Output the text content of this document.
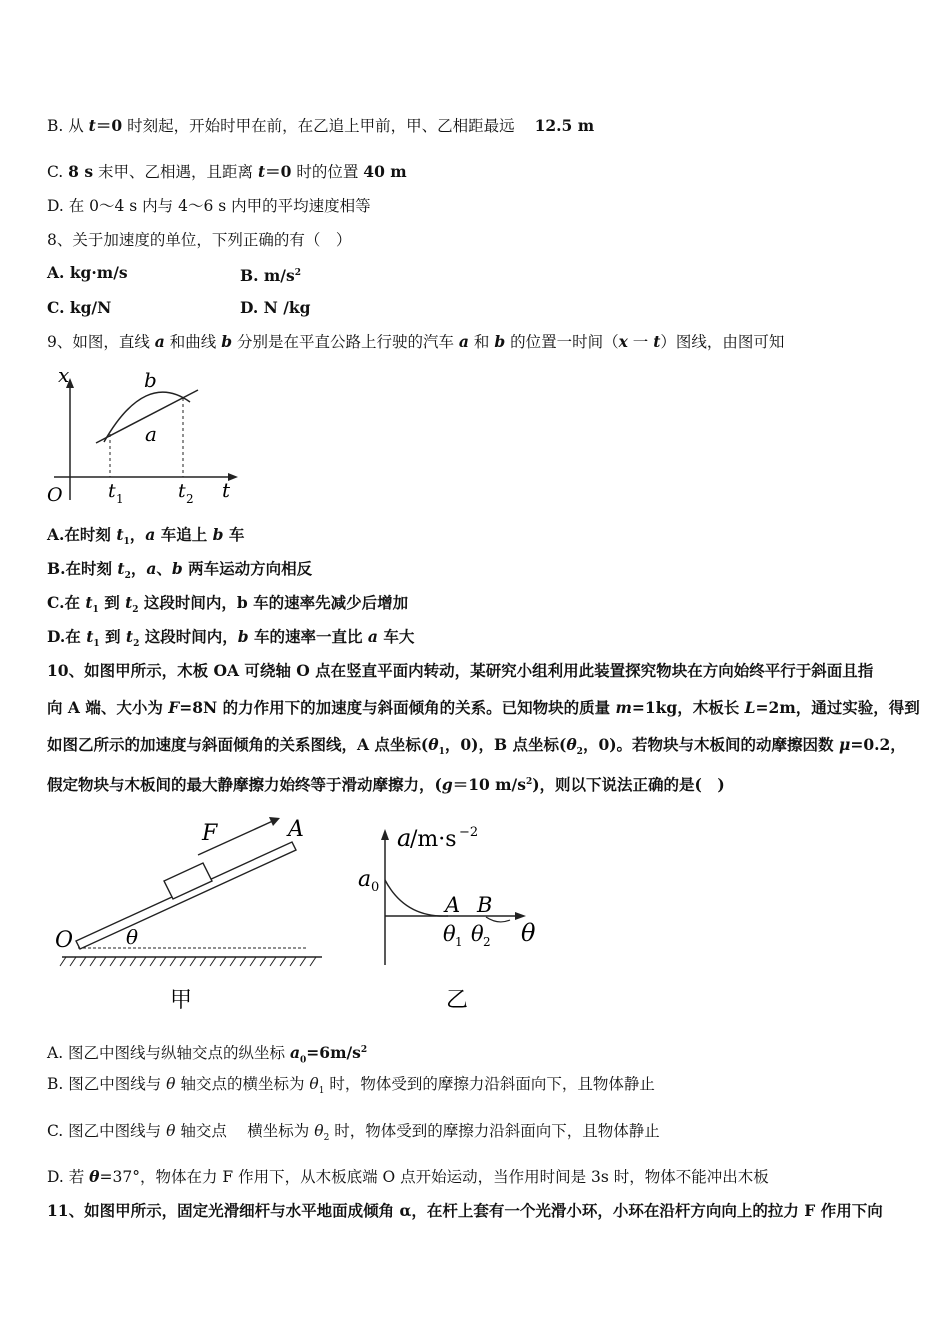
B. 从 t＝0 时刻起，开始时甲在前，在乙追上甲前，甲、乙相距最远 12.5 m
C. 8 s 末甲、乙相遇，且距离 t＝0 时的位置 40 m
D. 在 0～4 s 内与 4～6 s 内甲的平均速度相等
8、关于加速度的单位，下列正确的有（　）
A. kg·m/s	B. $m/s^2$
C. kg/N	D. N /kg
9、如图，直线 a 和曲线 b 分别是在平直公路上行驶的汽车 a 和 b 的位置一时间（x 一 t）图线，由图可知
x
t
O
b
a
t 1	t 2
A.在时刻 $t_1$，a 车追上 b 车
B.在时刻 $t_2$，a、b 两车运动方向相反
C.在 $t_1$ 到 $t_2$ 这段时间内，b 车的速率先减少后增加
D.在 $t_1$ 到 $t_2$ 这段时间内，b 车的速率一直比 a 车大
10、如图甲所示，木板 OA 可绕轴 O 点在竖直平面内转动，某研究小组利用此装置探究物块在方向始终平行于斜面且指
向 A 端、大小为 F=8N 的力作用下的加速度与斜面倾角的关系。已知物块的质量 m=1kg，木板长 L=2m，通过实验，得到
如图乙所示的加速度与斜面倾角的关系图线，A 点坐标($\theta_1$，0)，B 点坐标($\theta_2$，0)。若物块与木板间的动摩擦因数 μ=0.2，
假定物块与木板间的最大静摩擦力始终等于滑动摩擦力，(g＝10 $m/s^2$)，则以下说法正确的是(　)
F	A
O	θ
甲
a
/m·s −2
a 0
A B
θ 1 θ 2 θ
乙
A. 图乙中图线与纵轴交点的纵坐标 $a_0=6m/s^2$
B. 图乙中图线与 θ 轴交点的横坐标为 $\theta_1$ 时，物体受到的摩擦力沿斜面向下，且物体静止
C. 图乙中图线与 θ 轴交点　 横坐标为 $\theta_2$ 时，物体受到的摩擦力沿斜面向下，且物体静止
D. 若 θ=37°，物体在力 F 作用下，从木板底端 O 点开始运动，当作用时间是 3s 时，物体不能冲出木板
11、如图甲所示，固定光滑细杆与水平地面成倾角 α，在杆上套有一个光滑小环，小环在沿杆方向向上的拉力 F 作用下向
